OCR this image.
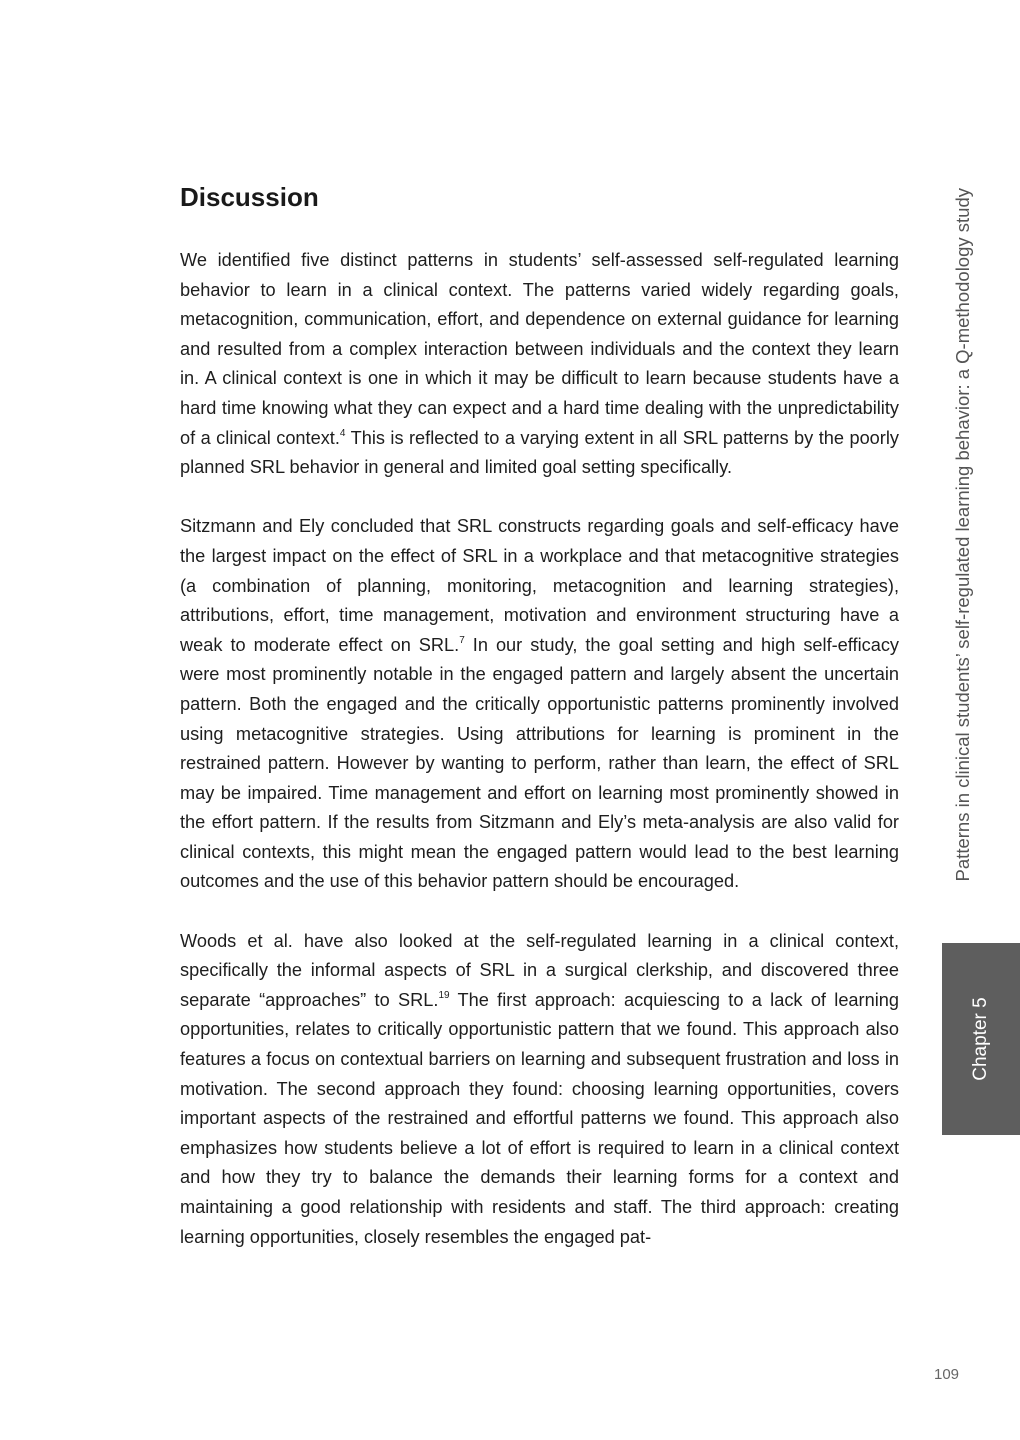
Discussion

We identified five distinct patterns in students’ self-assessed self-regulated learning behavior to learn in a clinical context. The patterns varied widely regarding goals, metacognition, communication, effort, and dependence on external guidance for learning and resulted from a complex interaction between individuals and the context they learn in. A clinical context is one in which it may be difficult to learn because students have a hard time knowing what they can expect and a hard time dealing with the unpredictability of a clinical context.$^4$ This is reflected to a varying extent in all SRL patterns by the poorly planned SRL behavior in general and limited goal setting specifically.

Sitzmann and Ely concluded that SRL constructs regarding goals and self-efficacy have the largest impact on the effect of SRL in a workplace and that metacognitive strategies (a combination of planning, monitoring, metacognition and learning strategies), attributions, effort, time management, motivation and environment structuring have a weak to moderate effect on SRL.$^7$ In our study, the goal setting and high self-efficacy were most prominently notable in the engaged pattern and largely absent the uncertain pattern. Both the engaged and the critically opportunistic patterns prominently involved using metacognitive strategies. Using attributions for learning is prominent in the restrained pattern. However by wanting to perform, rather than learn, the effect of SRL may be impaired. Time management and effort on learning most prominently showed in the effort pattern. If the results from Sitzmann and Ely’s meta-analysis are also valid for clinical contexts, this might mean the engaged pattern would lead to the best learning outcomes and the use of this behavior pattern should be encouraged.

Woods et al. have also looked at the self-regulated learning in a clinical context, specifically the informal aspects of SRL in a surgical clerkship, and discovered three separate “approaches” to SRL.$^{19}$ The first approach: acquiescing to a lack of learning opportunities, relates to critically opportunistic pattern that we found. This approach also features a focus on contextual barriers on learning and subsequent frustration and loss in motivation. The second approach they found: choosing learning opportunities, covers important aspects of the restrained and effortful patterns we found. This approach also emphasizes how students believe a lot of effort is required to learn in a clinical context and how they try to balance the demands their learning forms for a context and maintaining a good relationship with residents and staff. The third approach: creating learning opportunities, closely resembles the engaged pat-

Patterns in clinical students’ self-regulated learning behavior: a Q-methodology study
Chapter 5
109
